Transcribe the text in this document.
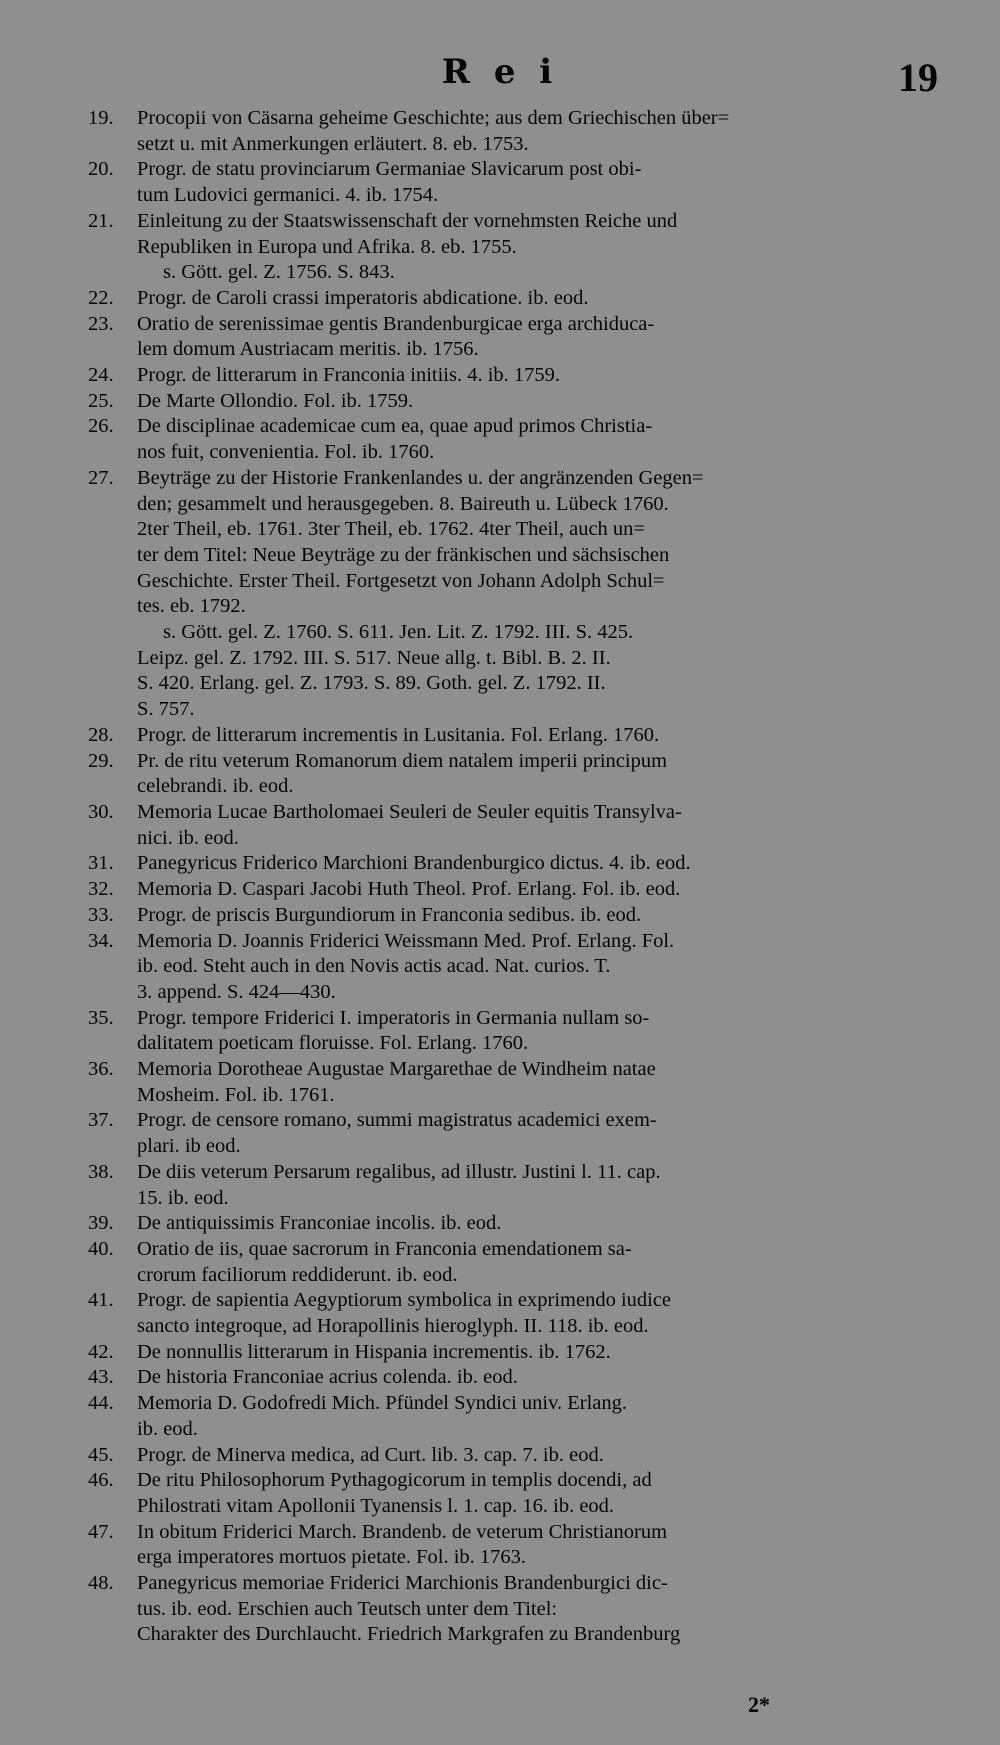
R e i	19
19.	Procopii von Cäsarna geheime Geschichte; aus dem Griechischen über=
setzt u. mit Anmerkungen erläutert. 8. eb. 1753.
20.	Progr. de statu provinciarum Germaniae Slavicarum post obi-
tum Ludovici germanici. 4. ib. 1754.
21.	Einleitung zu der Staatswissenschaft der vornehmsten Reiche und
Republiken in Europa und Afrika. 8. eb. 1755.
s. Gött. gel. Z. 1756. S. 843.
22.	Progr. de Caroli crassi imperatoris abdicatione. ib. eod.
23.	Oratio de serenissimae gentis Brandenburgicae erga archiduca-
lem domum Austriacam meritis. ib. 1756.
24.	Progr. de litterarum in Franconia initiis. 4. ib. 1759.
25.	De Marte Ollondio. Fol. ib. 1759.
26.	De disciplinae academicae cum ea, quae apud primos Christia-
nos fuit, convenientia. Fol. ib. 1760.
27.	Beyträge zu der Historie Frankenlandes u. der angränzenden Gegen=
den; gesammelt und herausgegeben. 8. Baireuth u. Lübeck 1760.
2ter Theil, eb. 1761. 3ter Theil, eb. 1762. 4ter Theil, auch un=
ter dem Titel: Neue Beyträge zu der fränkischen und sächsischen
Geschichte. Erster Theil. Fortgesetzt von Johann Adolph Schul=
tes. eb. 1792.
s. Gött. gel. Z. 1760. S. 611. Jen. Lit. Z. 1792. III. S. 425.
Leipz. gel. Z. 1792. III. S. 517. Neue allg. t. Bibl. B. 2. II.
S. 420. Erlang. gel. Z. 1793. S. 89. Goth. gel. Z. 1792. II.
S. 757.
28.	Progr. de litterarum incrementis in Lusitania. Fol. Erlang. 1760.
29.	Pr. de ritu veterum Romanorum diem natalem imperii principum
celebrandi. ib. eod.
30.	Memoria Lucae Bartholomaei Seuleri de Seuler equitis Transylva-
nici. ib. eod.
31.	Panegyricus Friderico Marchioni Brandenburgico dictus. 4. ib. eod.
32.	Memoria D. Caspari Jacobi Huth Theol. Prof. Erlang. Fol. ib. eod.
33.	Progr. de priscis Burgundiorum in Franconia sedibus. ib. eod.
34.	Memoria D. Joannis Friderici Weissmann Med. Prof. Erlang. Fol.
ib. eod. Steht auch in den Novis actis acad. Nat. curios. T.
3. append. S. 424—430.
35.	Progr. tempore Friderici I. imperatoris in Germania nullam so-
dalitatem poeticam floruisse. Fol. Erlang. 1760.
36.	Memoria Dorotheae Augustae Margarethae de Windheim natae
Mosheim. Fol. ib. 1761.
37.	Progr. de censore romano, summi magistratus academici exem-
plari. ib eod.
38.	De diis veterum Persarum regalibus, ad illustr. Justini l. 11. cap.
15. ib. eod.
39.	De antiquissimis Franconiae incolis. ib. eod.
40.	Oratio de iis, quae sacrorum in Franconia emendationem sa-
crorum faciliorum reddiderunt. ib. eod.
41.	Progr. de sapientia Aegyptiorum symbolica in exprimendo iudice
sancto integroque, ad Horapollinis hieroglyph. II. 118. ib. eod.
42.	De nonnullis litterarum in Hispania incrementis. ib. 1762.
43.	De historia Franconiae acrius colenda. ib. eod.
44.	Memoria D. Godofredi Mich. Pfündel Syndici univ. Erlang.
ib. eod.
45.	Progr. de Minerva medica, ad Curt. lib. 3. cap. 7. ib. eod.
46.	De ritu Philosophorum Pythagogicorum in templis docendi, ad
Philostrati vitam Apollonii Tyanensis l. 1. cap. 16. ib. eod.
47.	In obitum Friderici March. Brandenb. de veterum Christianorum
erga imperatores mortuos pietate. Fol. ib. 1763.
48.	Panegyricus memoriae Friderici Marchionis Brandenburgici dic-
tus. ib. eod. Erschien auch Teutsch unter dem Titel:
Charakter des Durchlaucht. Friedrich Markgrafen zu Brandenburg
2*
